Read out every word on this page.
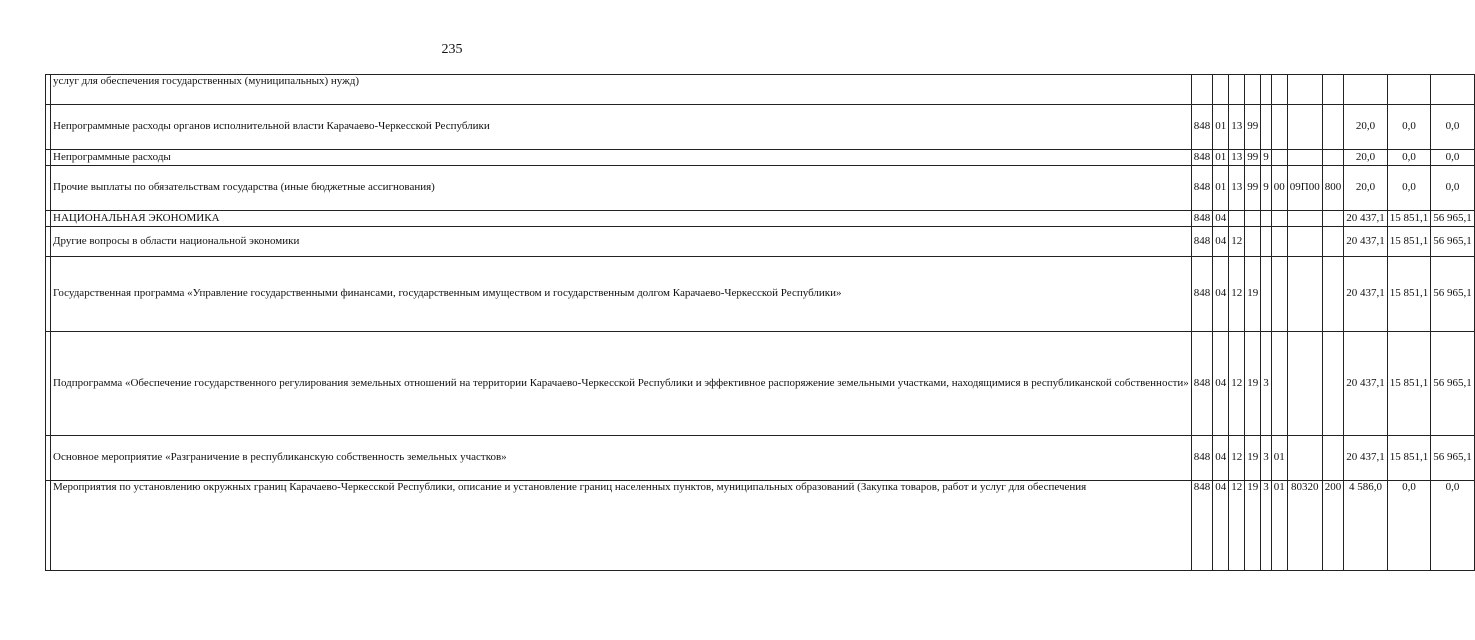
235
	услуг для обеспечения государственных (муниципальных) нужд)											
	Непрограммные расходы органов исполнительной власти Карачаево-Черкесской Республики	848	01	13	99					20,0	0,0	0,0
	Непрограммные расходы	848	01	13	99	9				20,0	0,0	0,0
	Прочие выплаты по обязательствам государства (иные бюджетные ассигнования)	848	01	13	99	9	00	09П00	800	20,0	0,0	0,0
	НАЦИОНАЛЬНАЯ ЭКОНОМИКА	848	04							20 437,1	15 851,1	56 965,1
	Другие вопросы в области национальной экономики	848	04	12						20 437,1	15 851,1	56 965,1
	Государственная программа «Управление государственными финансами, государственным имуществом и государственным долгом Карачаево-Черкесской Республики»	848	04	12	19					20 437,1	15 851,1	56 965,1
	Подпрограмма «Обеспечение государственного регулирования земельных отношений на территории Карачаево-Черкесской Республики и эффективное распоряжение земельными участками, находящимися в республиканской собственности»	848	04	12	19	3				20 437,1	15 851,1	56 965,1
	Основное мероприятие «Разграничение в республиканскую собственность земельных участков»	848	04	12	19	3	01			20 437,1	15 851,1	56 965,1
	Мероприятия по установлению окружных границ Карачаево-Черкесской Республики, описание и установление границ населенных пунктов, муниципальных образований (Закупка товаров, работ и услуг для обеспечения	848	04	12	19	3	01	80320	200	4 586,0	0,0	0,0
